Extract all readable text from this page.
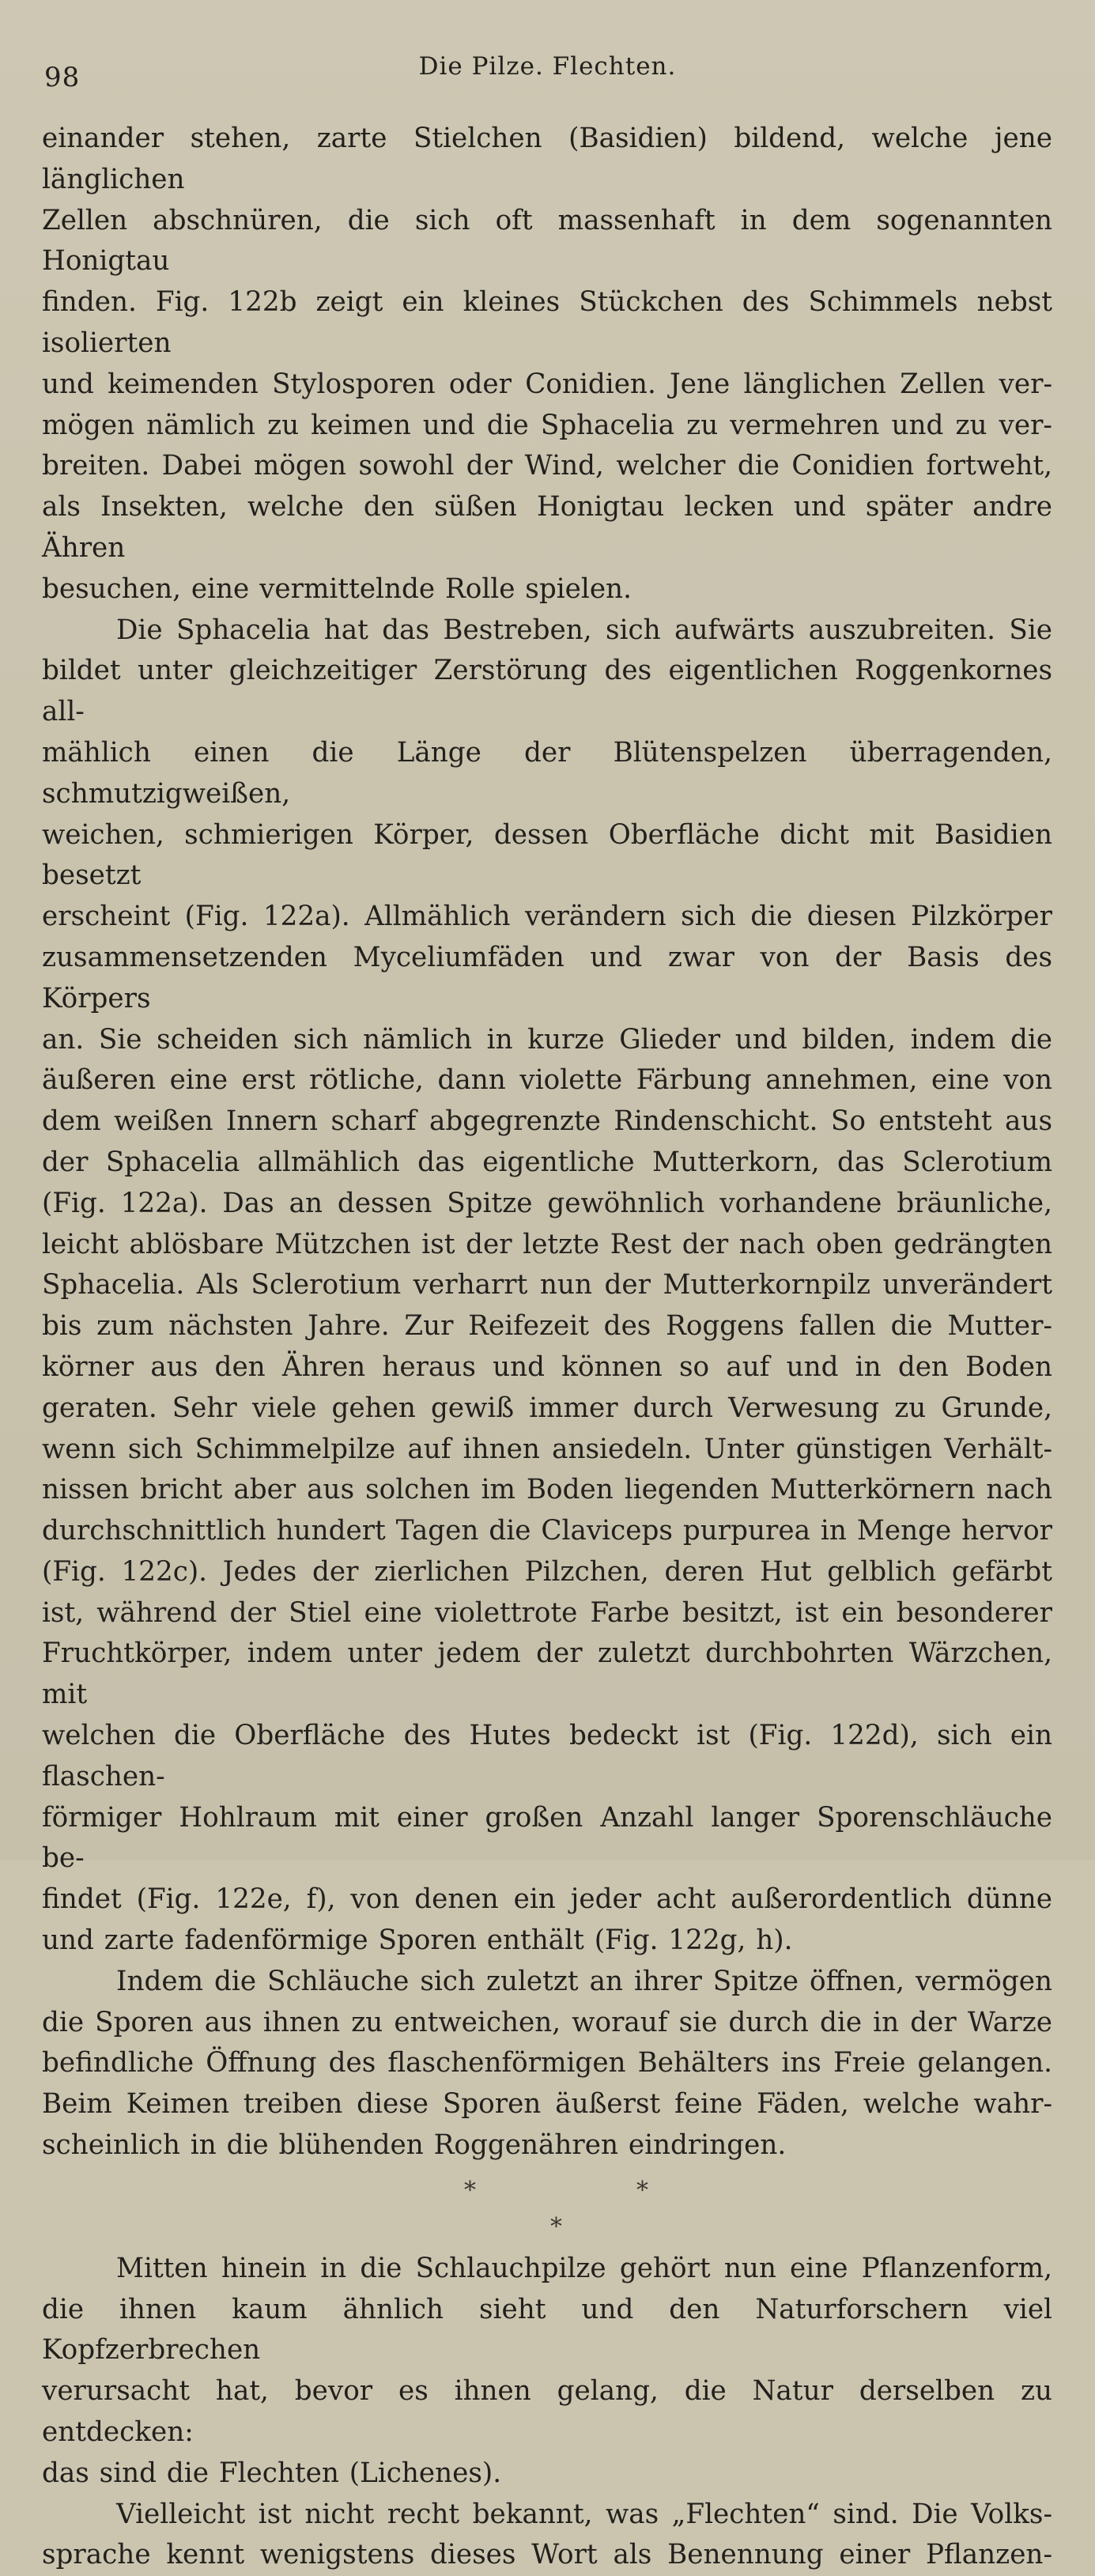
98	Die Pilze. Flechten.

einander stehen, zarte Stielchen (Basidien) bildend, welche jene länglichen

Zellen abschnüren, die sich oft massenhaft in dem sogenannten Honigtau

finden. Fig. 122b zeigt ein kleines Stückchen des Schimmels nebst isolierten

und keimenden Stylosporen oder Conidien. Jene länglichen Zellen ver-

mögen nämlich zu keimen und die Sphacelia zu vermehren und zu ver-

breiten. Dabei mögen sowohl der Wind, welcher die Conidien fortweht,

als Insekten, welche den süßen Honigtau lecken und später andre Ähren

besuchen, eine vermittelnde Rolle spielen.

Die Sphacelia hat das Bestreben, sich aufwärts auszubreiten. Sie

bildet unter gleichzeitiger Zerstörung des eigentlichen Roggenkornes all-

mählich einen die Länge der Blütenspelzen überragenden, schmutzigweißen,

weichen, schmierigen Körper, dessen Oberfläche dicht mit Basidien besetzt

erscheint (Fig. 122a). Allmählich verändern sich die diesen Pilzkörper

zusammensetzenden Myceliumfäden und zwar von der Basis des Körpers

an. Sie scheiden sich nämlich in kurze Glieder und bilden, indem die

äußeren eine erst rötliche, dann violette Färbung annehmen, eine von

dem weißen Innern scharf abgegrenzte Rindenschicht. So entsteht aus

der Sphacelia allmählich das eigentliche Mutterkorn, das Sclerotium

(Fig. 122a). Das an dessen Spitze gewöhnlich vorhandene bräunliche,

leicht ablösbare Mützchen ist der letzte Rest der nach oben gedrängten

Sphacelia. Als Sclerotium verharrt nun der Mutterkornpilz unverändert

bis zum nächsten Jahre. Zur Reifezeit des Roggens fallen die Mutter-

körner aus den Ähren heraus und können so auf und in den Boden

geraten. Sehr viele gehen gewiß immer durch Verwesung zu Grunde,

wenn sich Schimmelpilze auf ihnen ansiedeln. Unter günstigen Verhält-

nissen bricht aber aus solchen im Boden liegenden Mutterkörnern nach

durchschnittlich hundert Tagen die Claviceps purpurea in Menge hervor

(Fig. 122c). Jedes der zierlichen Pilzchen, deren Hut gelblich gefärbt

ist, während der Stiel eine violettrote Farbe besitzt, ist ein besonderer

Fruchtkörper, indem unter jedem der zuletzt durchbohrten Wärzchen, mit

welchen die Oberfläche des Hutes bedeckt ist (Fig. 122d), sich ein flaschen-

förmiger Hohlraum mit einer großen Anzahl langer Sporenschläuche be-

findet (Fig. 122e, f), von denen ein jeder acht außerordentlich dünne

und zarte fadenförmige Sporen enthält (Fig. 122g, h).

Indem die Schläuche sich zuletzt an ihrer Spitze öffnen, vermögen

die Sporen aus ihnen zu entweichen, worauf sie durch die in der Warze

befindliche Öffnung des flaschenförmigen Behälters ins Freie gelangen.

Beim Keimen treiben diese Sporen äußerst feine Fäden, welche wahr-

scheinlich in die blühenden Roggenähren eindringen.

*	*
*

Mitten hinein in die Schlauchpilze gehört nun eine Pflanzenform,

die ihnen kaum ähnlich sieht und den Naturforschern viel Kopfzerbrechen

verursacht hat, bevor es ihnen gelang, die Natur derselben zu entdecken:

das sind die Flechten (Lichenes).

Vielleicht ist nicht recht bekannt, was „Flechten“ sind. Die Volks-

sprache kennt wenigstens dieses Wort als Benennung einer Pflanzen-
